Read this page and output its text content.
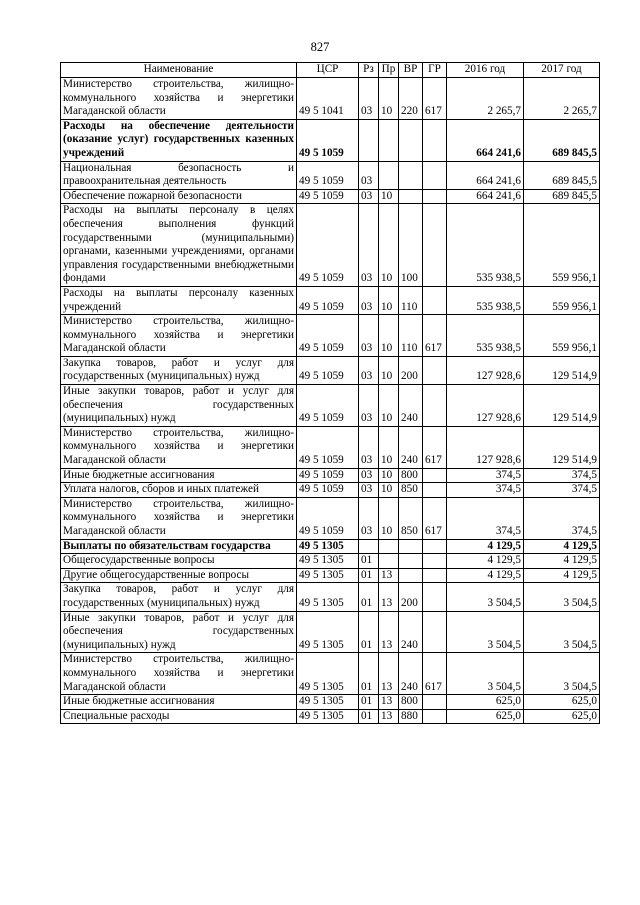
827
Наименование	ЦСР	Рз	Пр	ВР	ГР	2016 год	2017 год
Министерство строительства, жилищно-коммунального хозяйства и энергетики Магаданской области	49 5 1041	03	10	220	617	2 265,7	2 265,7
Расходы на обеспечение деятельности (оказание услуг) государственных казенных учреждений	49 5 1059					664 241,6	689 845,5
Национальная безопасность и правоохранительная деятельность	49 5 1059	03				664 241,6	689 845,5
Обеспечение пожарной безопасности	49 5 1059	03	10			664 241,6	689 845,5
Расходы на выплаты персоналу в целях обеспечения выполнения функций государственными (муниципальными) органами, казенными учреждениями, органами управления государственными внебюджетными фондами	49 5 1059	03	10	100		535 938,5	559 956,1
Расходы на выплаты персоналу казенных учреждений	49 5 1059	03	10	110		535 938,5	559 956,1
Министерство строительства, жилищно-коммунального хозяйства и энергетики Магаданской области	49 5 1059	03	10	110	617	535 938,5	559 956,1
Закупка товаров, работ и услуг для государственных (муниципальных) нужд	49 5 1059	03	10	200		127 928,6	129 514,9
Иные закупки товаров, работ и услуг для обеспечения государственных (муниципальных) нужд	49 5 1059	03	10	240		127 928,6	129 514,9
Министерство строительства, жилищно-коммунального хозяйства и энергетики Магаданской области	49 5 1059	03	10	240	617	127 928,6	129 514,9
Иные бюджетные ассигнования	49 5 1059	03	10	800		374,5	374,5
Уплата налогов, сборов и иных платежей	49 5 1059	03	10	850		374,5	374,5
Министерство строительства, жилищно-коммунального хозяйства и энергетики Магаданской области	49 5 1059	03	10	850	617	374,5	374,5
Выплаты по обязательствам государства	49 5 1305					4 129,5	4 129,5
Общегосударственные вопросы	49 5 1305	01				4 129,5	4 129,5
Другие общегосударственные вопросы	49 5 1305	01	13			4 129,5	4 129,5
Закупка товаров, работ и услуг для государственных (муниципальных) нужд	49 5 1305	01	13	200		3 504,5	3 504,5
Иные закупки товаров, работ и услуг для обеспечения государственных (муниципальных) нужд	49 5 1305	01	13	240		3 504,5	3 504,5
Министерство строительства, жилищно-коммунального хозяйства и энергетики Магаданской области	49 5 1305	01	13	240	617	3 504,5	3 504,5
Иные бюджетные ассигнования	49 5 1305	01	13	800		625,0	625,0
Специальные расходы	49 5 1305	01	13	880		625,0	625,0
